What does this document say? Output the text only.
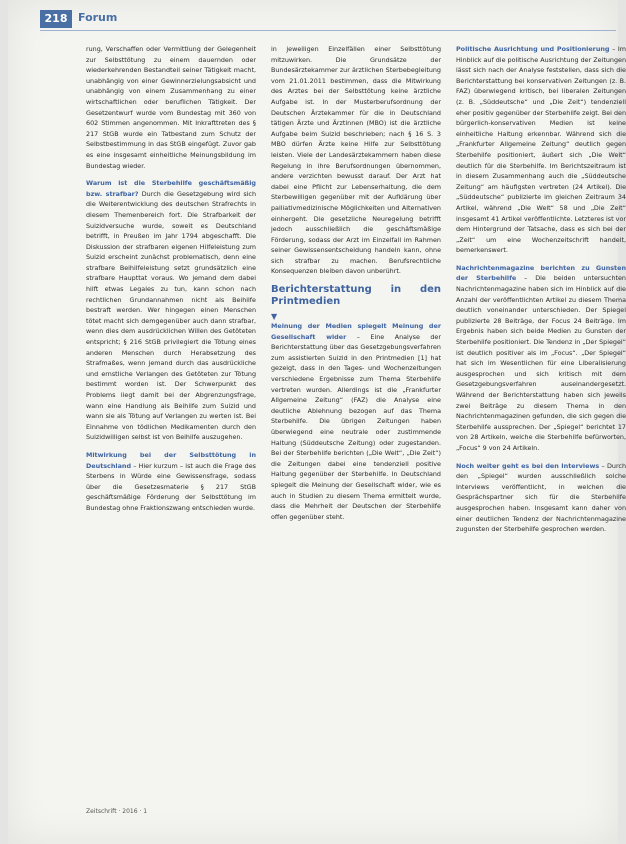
218 Forum

rung, Verschaffen oder Vermittlung der Gelegenheit zur Selbsttötung zu einem dauernden oder wiederkehrenden Bestandteil seiner Tätigkeit macht, unabhängig von einer Gewinnerzielungsabsicht und unabhängig von einem Zusammenhang zu einer wirtschaftlichen oder beruflichen Tätigkeit. Der Gesetzentwurf wurde vom Bundestag mit 360 von 602 Stimmen angenommen. Mit Inkrafttreten des § 217 StGB wurde ein Tatbestand zum Schutz der Selbstbestimmung in das StGB eingefügt. Zuvor gab es eine insgesamt einheitliche Meinungsbildung im Bundestag wieder.

Warum ist die Sterbehilfe geschäftsmäßig bzw. strafbar? Durch die Gesetzgebung wird sich die Weiterentwicklung des deutschen Strafrechts in diesem Themenbereich fort. Die Strafbarkeit der Suizidversuche wurde, soweit es Deutschland betrifft, in Preußen im Jahr 1794 abgeschafft. Die Diskussion der strafbaren eigenen Hilfeleistung zum Suizid erscheint zunächst problematisch, denn eine strafbare Beihilfeleistung setzt grundsätzlich eine strafbare Haupttat voraus. Wo jemand dem dabei hilft etwas Legales zu tun, kann schon nach rechtlichen Grundannahmen nicht als Beihilfe bestraft werden. Wer hingegen einen Menschen tötet macht sich demgegenüber auch dann strafbar, wenn dies dem ausdrücklichen Willen des Getöteten entspricht; § 216 StGB privilegiert die Tötung eines anderen Menschen durch Herabsetzung des Strafmaßes, wenn jemand durch das ausdrückliche und ernstliche Verlangen des Getöteten zur Tötung bestimmt worden ist. Der Schwerpunkt des Problems liegt damit bei der Abgrenzungsfrage, wann eine Handlung als Beihilfe zum Suizid und wann sie als Tötung auf Verlangen zu werten ist. Bei Einnahme von tödlichen Medikamenten durch den Suizidwilligen selbst ist von Beihilfe auszugehen.

Mitwirkung bei der Selbsttötung in Deutschland – Hier kurzum – ist auch die Frage des Sterbens in Würde eine Gewissensfrage, sodass über die Gesetzesmaterie § 217 StGB geschäftsmäßige Förderung der Selbsttötung im Bundestag ohne Fraktionszwang entschieden wurde.

in jeweiligen Einzelfällen einer Selbsttötung mitzuwirken. Die Grundsätze der Bundesärztekammer zur ärztlichen Sterbebegleitung vom 21.01.2011 bestimmen, dass die Mitwirkung des Arztes bei der Selbsttötung keine ärztliche Aufgabe ist. In der Musterberufsordnung der Deutschen Ärztekammer für die in Deutschland tätigen Ärzte und Ärztinnen (MBO) ist die ärztliche Aufgabe beim Suizid beschrieben; nach § 16 S. 3 MBO dürfen Ärzte keine Hilfe zur Selbsttötung leisten. Viele der Landesärztekammern haben diese Regelung in ihre Berufsordnungen übernommen, andere verzichten bewusst darauf. Der Arzt hat dabei eine Pflicht zur Lebenserhaltung, die dem Sterbewilligen gegenüber mit der Aufklärung über palliativmedizinische Möglichkeiten und Alternativen einhergeht. Die gesetzliche Neuregelung betrifft jedoch ausschließlich die geschäftsmäßige Förderung, sodass der Arzt im Einzelfall im Rahmen seiner Gewissensentscheidung handeln kann, ohne sich strafbar zu machen. Berufsrechtliche Konsequenzen bleiben davon unberührt.

Berichterstattung in den Printmedien
▼

Meinung der Medien spiegelt Meinung der Gesellschaft wider – Eine Analyse der Berichterstattung über das Gesetzgebungsverfahren zum assistierten Suizid in den Printmedien [1] hat gezeigt, dass in den Tages- und Wochenzeitungen verschiedene Ergebnisse zum Thema Sterbehilfe vertreten wurden. Allerdings ist die „Frankfurter Allgemeine Zeitung“ (FAZ) die Analyse eine deutliche Ablehnung bezogen auf das Thema Sterbehilfe. Die übrigen Zeitungen haben überwiegend eine neutrale oder zustimmende Haltung (Süddeutsche Zeitung) oder zugestanden. Bei der Sterbehilfe berichten („Die Welt“, „Die Zeit“) die Zeitungen dabei eine tendenziell positive Haltung gegenüber der Sterbehilfe. In Deutschland spiegelt die Meinung der Gesellschaft wider, wie es auch in Studien zu diesem Thema ermittelt wurde, dass die Mehrheit der Deutschen der Sterbehilfe offen gegenüber steht.

Politische Ausrichtung und Positionierung – Im Hinblick auf die politische Ausrichtung der Zeitungen lässt sich nach der Analyse feststellen, dass sich die Berichterstattung bei konservativen Zeitungen (z. B. FAZ) überwiegend kritisch, bei liberalen Zeitungen (z. B. „Süddeutsche“ und „Die Zeit“) tendenziell eher positiv gegenüber der Sterbehilfe zeigt. Bei den bürgerlich-konservativen Medien ist keine einheitliche Haltung erkennbar. Während sich die „Frankfurter Allgemeine Zeitung“ deutlich gegen Sterbehilfe positioniert, äußert sich „Die Welt“ deutlich für die Sterbehilfe. Im Berichtszeitraum ist in diesem Zusammenhang auch die „Süddeutsche Zeitung“ am häufigsten vertreten (24 Artikel). Die „Süddeutsche“ publizierte im gleichen Zeitraum 34 Artikel, während „Die Welt“ 58 und „Die Zeit“ insgesamt 41 Artikel veröffentlichte. Letzteres ist vor dem Hintergrund der Tatsache, dass es sich bei der „Zeit“ um eine Wochenzeitschrift handelt, bemerkenswert.

Nachrichtenmagazine berichten zu Gunsten der Sterbehilfe – Die beiden untersuchten Nachrichtenmagazine haben sich im Hinblick auf die Anzahl der veröffentlichten Artikel zu diesem Thema deutlich voneinander unterschieden. Der Spiegel publizierte 28 Beiträge, der Focus 24 Beiträge. Im Ergebnis haben sich beide Medien zu Gunsten der Sterbehilfe positioniert. Die Tendenz in „Der Spiegel“ ist deutlich positiver als im „Focus“. „Der Spiegel“ hat sich im Wesentlichen für eine Liberalisierung ausgesprochen und sich kritisch mit dem Gesetzgebungsverfahren auseinandergesetzt. Während der Berichterstattung haben sich jeweils zwei Beiträge zu diesem Thema in den Nachrichtenmagazinen gefunden, die sich gegen die Sterbehilfe aussprechen. Der „Spiegel“ berichtet 17 von 28 Artikeln, welche die Sterbehilfe befürworten, „Focus“ 9 von 24 Artikeln.

Noch weiter geht es bei den Interviews – Durch den „Spiegel“ wurden ausschließlich solche Interviews veröffentlicht, in welchen die Gesprächspartner sich für die Sterbehilfe ausgesprochen haben. Insgesamt kann daher von einer deutlichen Tendenz der Nachrichtenmagazine zugunsten der Sterbehilfe gesprochen werden.

Zeitschrift · 2016 · 1
